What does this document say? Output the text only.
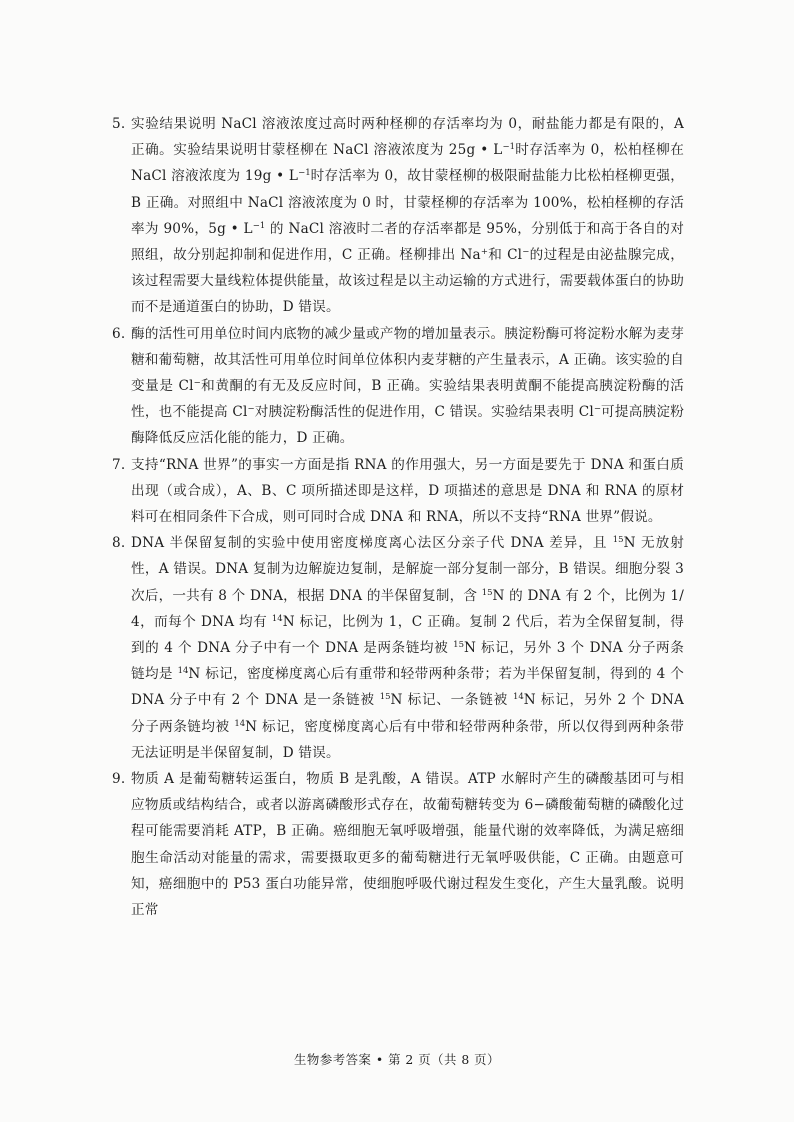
5. 实验结果说明 NaCl 溶液浓度过高时两种柽柳的存活率均为 0，耐盐能力都是有限的，A 正确。实验结果说明甘蒙柽柳在 NaCl 溶液浓度为 25g • $L^{-1}$时存活率为 0，松柏柽柳在 NaCl 溶液浓度为 19g • $L^{-1}$时存活率为 0，故甘蒙柽柳的极限耐盐能力比松柏柽柳更强，B 正确。对照组中 NaCl 溶液浓度为 0 时，甘蒙柽柳的存活率为 100%，松柏柽柳的存活率为 90%，5g • $L^{-1}$ 的 NaCl 溶液时二者的存活率都是 95%，分别低于和高于各自的对照组，故分别起抑制和促进作用，C 正确。柽柳排出 Na+和 Cl−的过程是由泌盐腺完成，该过程需要大量线粒体提供能量，故该过程是以主动运输的方式进行，需要载体蛋白的协助而不是通道蛋白的协助，D 错误。
6. 酶的活性可用单位时间内底物的减少量或产物的增加量表示。胰淀粉酶可将淀粉水解为麦芽糖和葡萄糖，故其活性可用单位时间单位体积内麦芽糖的产生量表示，A 正确。该实验的自变量是 Cl−和黄酮的有无及反应时间，B 正确。实验结果表明黄酮不能提高胰淀粉酶的活性，也不能提高 Cl−对胰淀粉酶活性的促进作用，C 错误。实验结果表明 Cl−可提高胰淀粉酶降低反应活化能的能力，D 正确。
7. 支持“RNA 世界”的事实一方面是指 RNA 的作用强大，另一方面是要先于 DNA 和蛋白质出现（或合成），A、B、C 项所描述即是这样，D 项描述的意思是 DNA 和 RNA 的原材料可在相同条件下合成，则可同时合成 DNA 和 RNA，所以不支持“RNA 世界”假说。
8. DNA 半保留复制的实验中使用密度梯度离心法区分亲子代 DNA 差异，且 $^{15}$N 无放射性，A 错误。DNA 复制为边解旋边复制，是解旋一部分复制一部分，B 错误。细胞分裂 3 次后，一共有 8 个 DNA，根据 DNA 的半保留复制，含 $^{15}$N 的 DNA 有 2 个，比例为 1/4，而每个 DNA 均有 $^{14}$N 标记，比例为 1，C 正确。复制 2 代后，若为全保留复制，得到的 4 个 DNA 分子中有一个 DNA 是两条链均被 $^{15}$N 标记，另外 3 个 DNA 分子两条链均是 $^{14}$N 标记，密度梯度离心后有重带和轻带两种条带；若为半保留复制，得到的 4 个 DNA 分子中有 2 个 DNA 是一条链被 $^{15}$N 标记、一条链被 $^{14}$N 标记，另外 2 个 DNA 分子两条链均被 $^{14}$N 标记，密度梯度离心后有中带和轻带两种条带，所以仅得到两种条带无法证明是半保留复制，D 错误。
9. 物质 A 是葡萄糖转运蛋白，物质 B 是乳酸，A 错误。ATP 水解时产生的磷酸基团可与相应物质或结构结合，或者以游离磷酸形式存在，故葡萄糖转变为 6−磷酸葡萄糖的磷酸化过程可能需要消耗 ATP，B 正确。癌细胞无氧呼吸增强，能量代谢的效率降低，为满足癌细胞生命活动对能量的需求，需要摄取更多的葡萄糖进行无氧呼吸供能，C 正确。由题意可知，癌细胞中的 P53 蛋白功能异常，使细胞呼吸代谢过程发生变化，产生大量乳酸。说明正常
生物参考答案 • 第 2 页（共 8 页）
